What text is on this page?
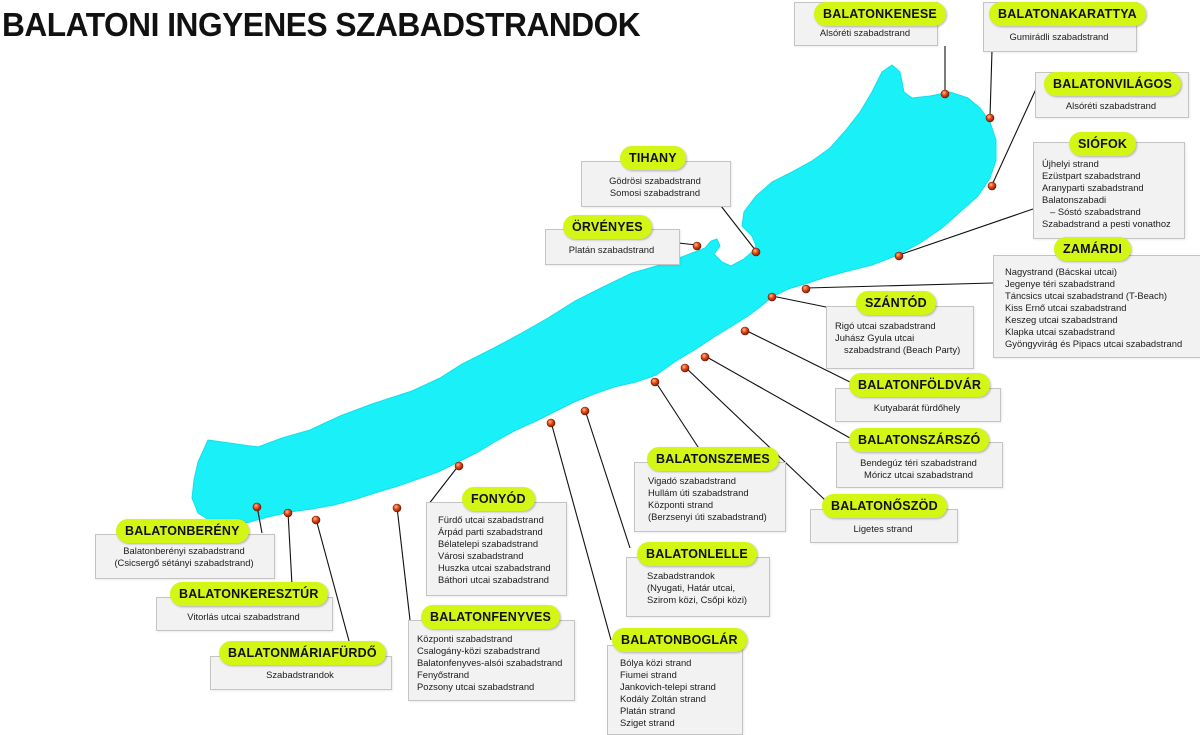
BALATONI INGYENES SZABADSTRANDOK	BALATONKENESE
Alsóréti szabadstrand
BALATONAKARATTYA
Gumirádli szabadstrand
BALATONVILÁGOS
Alsóréti szabadstrand
SIÓFOK
Újhelyi strand
Ezüstpart szabadstrand
Aranyparti szabadstrand
Balatonszabadi
– Sóstó szabadstrand
Szabadstrand a pesti vonathoz
TIHANY
Gödrösi szabadstrand
Somosi szabadstrand
ÖRVÉNYES
Platán szabadstrand	ZAMÁRDI
Nagystrand (Bácskai utcai)
Jegenye téri szabadstrand
Táncsics utcai szabadstrand (T-Beach)
Kiss Ernő utcai szabadstrand
Keszeg utcai szabadstrand
Klapka utcai szabadstrand
Gyöngyvirág és Pipacs utcai szabadstrand
SZÁNTÓD
Rigó utcai szabadstrand
Juhász Gyula utcai
szabadstrand (Beach Party)
BALATONFÖLDVÁR
Kutyabarát fürdőhely
BALATONSZÁRSZÓ
Bendegúz téri szabadstrand
Móricz utcai szabadstrand
BALATONŐSZÖD
Ligetes strand
BALATONSZEMES
Vigadó szabadstrand
Hullám úti szabadstrand
Központi strand
(Berzsenyi úti szabadstrand)
BALATONLELLE
Szabadstrandok
(Nyugati, Határ utcai,
Szirom közi, Csőpi közi)
BALATONBOGLÁR
Bólya közi strand
Fiumei strand
Jankovich-telepi strand
Kodály Zoltán strand
Platán strand
Sziget strand
FONYÓD
Fürdő utcai szabadstrand
Árpád parti szabadstrand
Bélatelepi szabadstrand
Városi szabadstrand
Huszka utcai szabadstrand
Báthori utcai szabadstrand
BALATONFENYVES
Központi szabadstrand
Csalogány-közi szabadstrand
Balatonfenyves-alsói szabadstrand
Fenyőstrand
Pozsony utcai szabadstrand
BALATONBERÉNY
Balatonberényi szabadstrand
(Csicsergő sétányi szabadstrand)
BALATONKERESZTÚR
Vitorlás utcai szabadstrand
BALATONMÁRIAFÜRDŐ
Szabadstrandok
